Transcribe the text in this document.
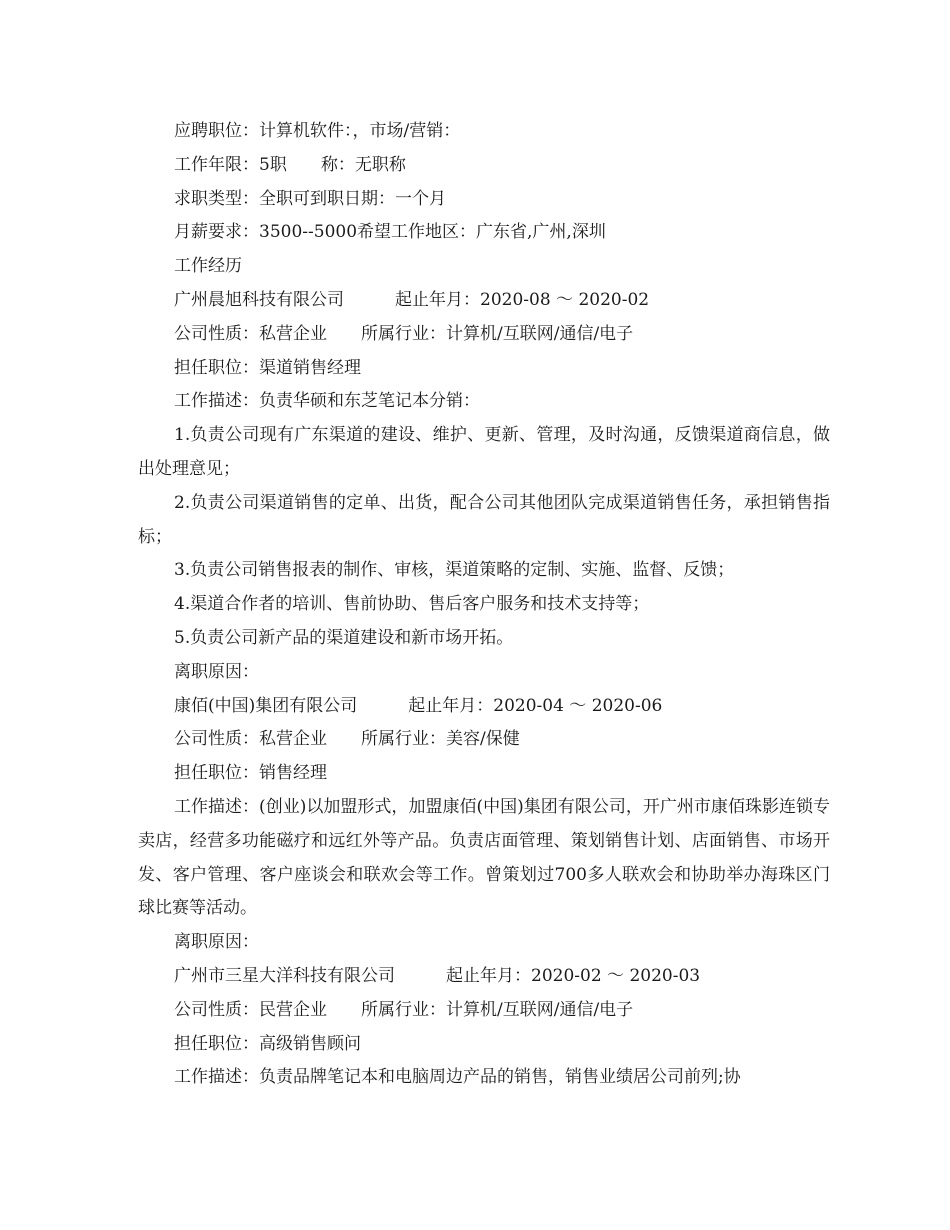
应聘职位：计算机软件：，市场/营销：

工作年限：5职　　称：无职称

求职类型：全职可到职日期：一个月

月薪要求：3500--5000希望工作地区：广东省,广州,深圳

工作经历

广州晨旭科技有限公司　　　起止年月：2020-08 ～ 2020-02

公司性质：私营企业　　所属行业：计算机/互联网/通信/电子

担任职位：渠道销售经理

工作描述：负责华硕和东芝笔记本分销：

1.负责公司现有广东渠道的建设、维护、更新、管理，及时沟通，反馈渠道商信息，做出处理意见；

2.负责公司渠道销售的定单、出货，配合公司其他团队完成渠道销售任务，承担销售指标；

3.负责公司销售报表的制作、审核，渠道策略的定制、实施、监督、反馈；

4.渠道合作者的培训、售前协助、售后客户服务和技术支持等；

5.负责公司新产品的渠道建设和新市场开拓。

离职原因：

康佰(中国)集团有限公司　　　起止年月：2020-04 ～ 2020-06

公司性质：私营企业　　所属行业：美容/保健

担任职位：销售经理

工作描述：(创业)以加盟形式，加盟康佰(中国)集团有限公司，开广州市康佰珠影连锁专卖店，经营多功能磁疗和远红外等产品。负责店面管理、策划销售计划、店面销售、市场开发、客户管理、客户座谈会和联欢会等工作。曾策划过700多人联欢会和协助举办海珠区门球比赛等活动。

离职原因：

广州市三星大洋科技有限公司　　　起止年月：2020-02 ～ 2020-03

公司性质：民营企业　　所属行业：计算机/互联网/通信/电子

担任职位：高级销售顾问

工作描述：负责品牌笔记本和电脑周边产品的销售，销售业绩居公司前列;协
